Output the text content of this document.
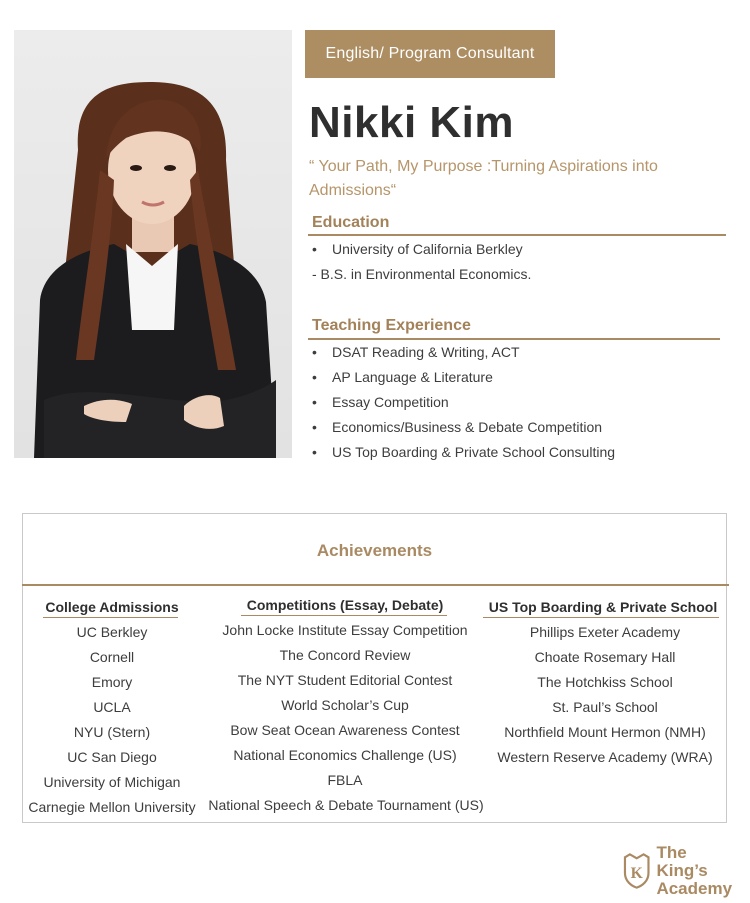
English/ Program Consultant
Nikki Kim
“ Your Path, My Purpose :Turning Aspirations into Admissions“
Education
• University of California Berkley
- B.S. in Environmental Economics.
Teaching Experience
• DSAT Reading & Writing, ACT
• AP Language & Literature
• Essay Competition
• Economics/Business & Debate Competition
• US Top Boarding & Private School Consulting
Achievements
College Admissions
UC Berkley
Cornell
Emory
UCLA
NYU (Stern)
UC San Diego
University of Michigan
Carnegie Mellon University
Competitions (Essay, Debate)
John Locke Institute Essay Competition
The Concord Review
The NYT Student Editorial Contest
World Scholar’s Cup
Bow Seat Ocean Awareness Contest
National Economics Challenge (US)
FBLA
National Speech & Debate Tournament (US)
US Top Boarding & Private School
Phillips Exeter Academy
Choate Rosemary Hall
The Hotchkiss School
St. Paul’s School
Northfield Mount Hermon (NMH)
Western Reserve Academy (WRA)
K
The King’s
Academy
